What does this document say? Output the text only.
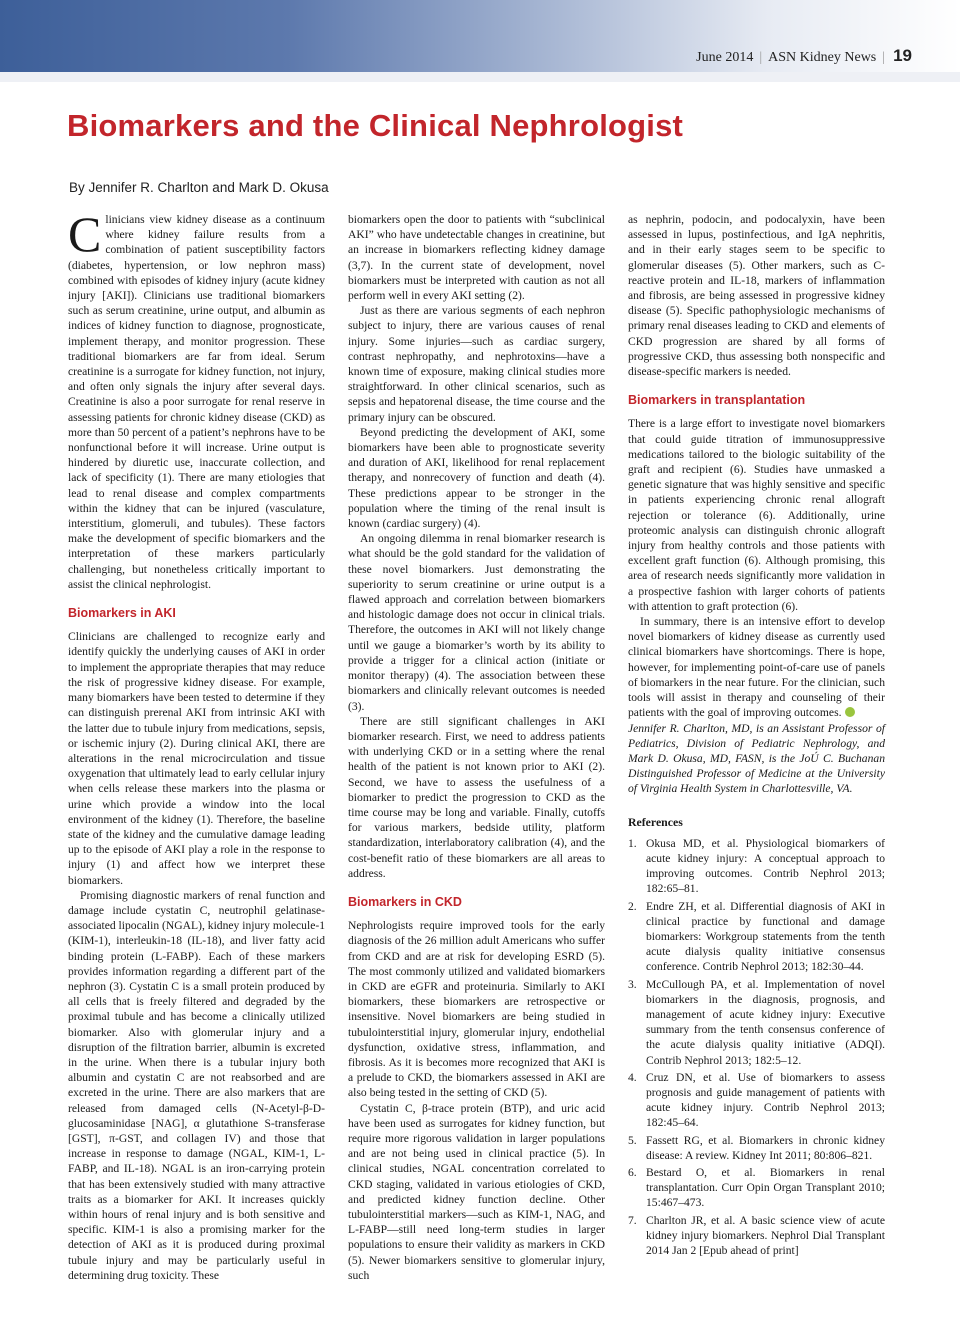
June 2014 | ASN Kidney News | 19
Biomarkers and the Clinical Nephrologist
By Jennifer R. Charlton and Mark D. Okusa

Clinicians view kidney disease as a continuum where kidney failure results from a combination of patient susceptibility factors (diabetes, hypertension, or low nephron mass) combined with episodes of kidney injury (acute kidney injury [AKI]). Clinicians use traditional biomarkers such as serum creatinine, urine output, and albumin as indices of kidney function to diagnose, prognosticate, implement therapy, and monitor progression. These traditional biomarkers are far from ideal. Serum creatinine is a surrogate for kidney function, not injury, and often only signals the injury after several days. Creatinine is also a poor surrogate for renal reserve in assessing patients for chronic kidney disease (CKD) as more than 50 percent of a patient’s nephrons have to be nonfunctional before it will increase. Urine output is hindered by diuretic use, inaccurate collection, and lack of specificity (1). There are many etiologies that lead to renal disease and complex compartments within the kidney that can be injured (vasculature, interstitium, glomeruli, and tubules). These factors make the development of specific biomarkers and the interpretation of these markers particularly challenging, but nonetheless critically important to assist the clinical nephrologist.

Biomarkers in AKI

Clinicians are challenged to recognize early and identify quickly the underlying causes of AKI in order to implement the appropriate therapies that may reduce the risk of progressive kidney disease. For example, many biomarkers have been tested to determine if they can distinguish prerenal AKI from intrinsic AKI with the latter due to tubule injury from medications, sepsis, or ischemic injury (2). During clinical AKI, there are alterations in the renal microcirculation and tissue oxygenation that ultimately lead to early cellular injury when cells release these markers into the plasma or urine which provide a window into the local environment of the kidney (1). Therefore, the baseline state of the kidney and the cumulative damage leading up to the episode of AKI play a role in the response to injury (1) and affect how we interpret these biomarkers.

Promising diagnostic markers of renal function and damage include cystatin C, neutrophil gelatinase-associated lipocalin (NGAL), kidney injury molecule-1 (KIM-1), interleukin-18 (IL-18), and liver fatty acid binding protein (L-FABP). Each of these markers provides information regarding a different part of the nephron (3). Cystatin C is a small protein produced by all cells that is freely filtered and degraded by the proximal tubule and has become a clinically utilized biomarker. Also with glomerular injury and a disruption of the filtration barrier, albumin is excreted in the urine. When there is a tubular injury both albumin and cystatin C are not reabsorbed and are excreted in the urine. There are also markers that are released from damaged cells (N-Acetyl-β-D-glucosaminidase [NAG], α glutathione S-transferase [GST], π-GST, and collagen IV) and those that increase in response to damage (NGAL, KIM-1, L-FABP, and IL-18). NGAL is an iron-carrying protein that has been extensively studied with many attractive traits as a biomarker for AKI. It increases quickly within hours of renal injury and is both sensitive and specific. KIM-1 is also a promising marker for the detection of AKI as it is produced during proximal tubule injury and may be particularly useful in determining drug toxicity. These

biomarkers open the door to patients with “subclinical AKI” who have undetectable changes in creatinine, but an increase in biomarkers reflecting kidney damage (3,7). In the current state of development, novel biomarkers must be interpreted with caution as not all perform well in every AKI setting (2).

Just as there are various segments of each nephron subject to injury, there are various causes of renal injury. Some injuries—such as cardiac surgery, contrast nephropathy, and nephrotoxins—have a known time of exposure, making clinical studies more straightforward. In other clinical scenarios, such as sepsis and hepatorenal disease, the time course and the primary injury can be obscured.

Beyond predicting the development of AKI, some biomarkers have been able to prognosticate severity and duration of AKI, likelihood for renal replacement therapy, and nonrecovery of function and death (4). These predictions appear to be stronger in the population where the timing of the renal insult is known (cardiac surgery) (4).

An ongoing dilemma in renal biomarker research is what should be the gold standard for the validation of these novel biomarkers. Just demonstrating the superiority to serum creatinine or urine output is a flawed approach and correlation between biomarkers and histologic damage does not occur in clinical trials. Therefore, the outcomes in AKI will not likely change until we gauge a biomarker’s worth by its ability to provide a trigger for a clinical action (initiate or monitor therapy) (4). The association between these biomarkers and clinically relevant outcomes is needed (3).

There are still significant challenges in AKI biomarker research. First, we need to address patients with underlying CKD or in a setting where the renal health of the patient is not known prior to AKI (2). Second, we have to assess the usefulness of a biomarker to predict the progression to CKD as the time course may be long and variable. Finally, cutoffs for various markers, bedside utility, platform standardization, interlaboratory calibration (4), and the cost-benefit ratio of these biomarkers are all areas to address.

Biomarkers in CKD

Nephrologists require improved tools for the early diagnosis of the 26 million adult Americans who suffer from CKD and are at risk for developing ESRD (5). The most commonly utilized and validated biomarkers in CKD are eGFR and proteinuria. Similarly to AKI biomarkers, these biomarkers are retrospective or insensitive. Novel biomarkers are being studied in tubulointerstitial injury, glomerular injury, endothelial dysfunction, oxidative stress, inflammation, and fibrosis. As it is becomes more recognized that AKI is a prelude to CKD, the biomarkers assessed in AKI are also being tested in the setting of CKD (5).

Cystatin C, β-trace protein (BTP), and uric acid have been used as surrogates for kidney function, but require more rigorous validation in larger populations and are not being used in clinical practice (5). In clinical studies, NGAL concentration correlated to CKD staging, validated in various etiologies of CKD, and predicted kidney function decline. Other tubulointerstitial markers—such as KIM-1, NAG, and L-FABP—still need long-term studies in larger populations to ensure their validity as markers in CKD (5). Newer biomarkers sensitive to glomerular injury, such

as nephrin, podocin, and podocalyxin, have been assessed in lupus, postinfectious, and IgA nephritis, and in their early stages seem to be specific to glomerular diseases (5). Other markers, such as C-reactive protein and IL-18, markers of inflammation and fibrosis, are being assessed in progressive kidney disease (5). Specific pathophysiologic mechanisms of primary renal diseases leading to CKD and elements of CKD progression are shared by all forms of progressive CKD, thus assessing both nonspecific and disease-specific markers is needed.

Biomarkers in transplantation

There is a large effort to investigate novel biomarkers that could guide titration of immunosuppressive medications tailored to the biologic suitability of the graft and recipient (6). Studies have unmasked a genetic signature that was highly sensitive and specific in patients experiencing chronic renal allograft rejection or tolerance (6). Additionally, urine proteomic analysis can distinguish chronic allograft injury from healthy controls and those patients with excellent graft function (6). Although promising, this area of research needs significantly more validation in a prospective fashion with larger cohorts of patients with attention to graft protection (6).

In summary, there is an intensive effort to develop novel biomarkers of kidney disease as currently used clinical biomarkers have shortcomings. There is hope, however, for implementing point-of-care use of panels of biomarkers in the near future. For the clinician, such tools will assist in therapy and counseling of their patients with the goal of improving outcomes.

Jennifer R. Charlton, MD, is an Assistant Professor of Pediatrics, Division of Pediatric Nephrology, and Mark D. Okusa, MD, FASN, is the JoÚ C. Buchanan Distinguished Professor of Medicine at the University of Virginia Health System in Charlottesville, VA.

References
1. Okusa MD, et al. Physiological biomarkers of acute kidney injury: A conceptual approach to improving outcomes. Contrib Nephrol 2013; 182:65–81.
2. Endre ZH, et al. Differential diagnosis of AKI in clinical practice by functional and damage biomarkers: Workgroup statements from the tenth acute dialysis quality initiative consensus conference. Contrib Nephrol 2013; 182:30–44.
3. McCullough PA, et al. Implementation of novel biomarkers in the diagnosis, prognosis, and management of acute kidney injury: Executive summary from the tenth consensus conference of the acute dialysis quality initiative (ADQI). Contrib Nephrol 2013; 182:5–12.
4. Cruz DN, et al. Use of biomarkers to assess prognosis and guide management of patients with acute kidney injury. Contrib Nephrol 2013; 182:45–64.
5. Fassett RG, et al. Biomarkers in chronic kidney disease: A review. Kidney Int 2011; 80:806–821.
6. Bestard O, et al. Biomarkers in renal transplantation. Curr Opin Organ Transplant 2010; 15:467–473.
7. Charlton JR, et al. A basic science view of acute kidney injury biomarkers. Nephrol Dial Transplant 2014 Jan 2 [Epub ahead of print]
